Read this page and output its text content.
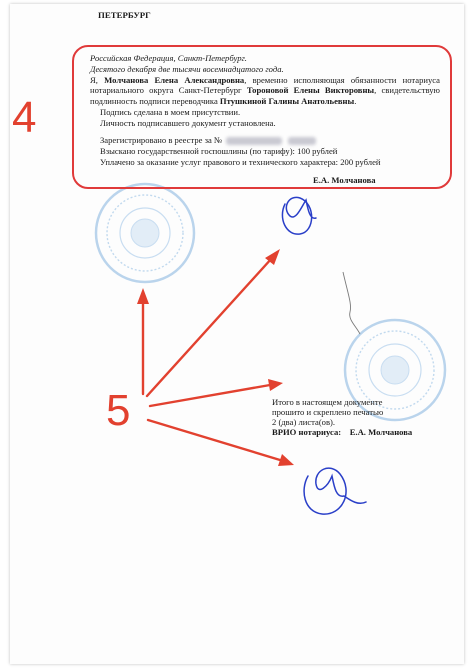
ПЕТЕРБУРГ
Российская Федерация, Санкт-Петербург.
Десятого декабря две тысячи восемнадцатого года.
Я, Молчанова Елена Александровна, временно исполняющая обязанности нотариуса нотариального округа Санкт-Петербург Тороновой Елены Викторовны, свидетельствую подлинность подписи переводчика Птушкиной Галины Анатольевны.
Подпись сделана в моем присутствии.
Личность подписавшего документ установлена.
Зарегистрировано в реестре за №
Взыскано государственной госпошлины (по тарифу): 100 рублей
Уплачено за оказание услуг правового и технического характера: 200 рублей
Е.А. Молчанова
Итого в настоящем документе
прошито и скреплено печатью
2 (два) листа(ов).
ВРИО нотариуса: Е.А. Молчанова
4
5
